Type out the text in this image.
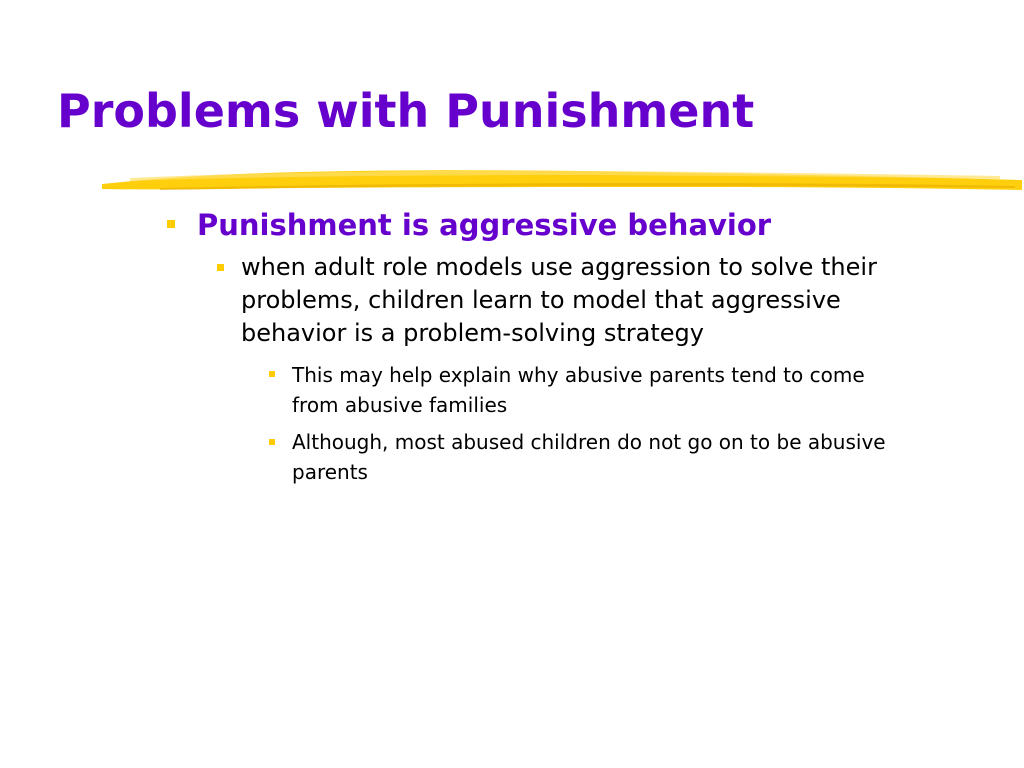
Problems with Punishment

Punishment is aggressive behavior

when adult role models use aggression to solve their problems, children learn to model that aggressive behavior is a problem-solving strategy

This may help explain why abusive parents tend to come from abusive families

Although, most abused children do not go on to be abusive parents
